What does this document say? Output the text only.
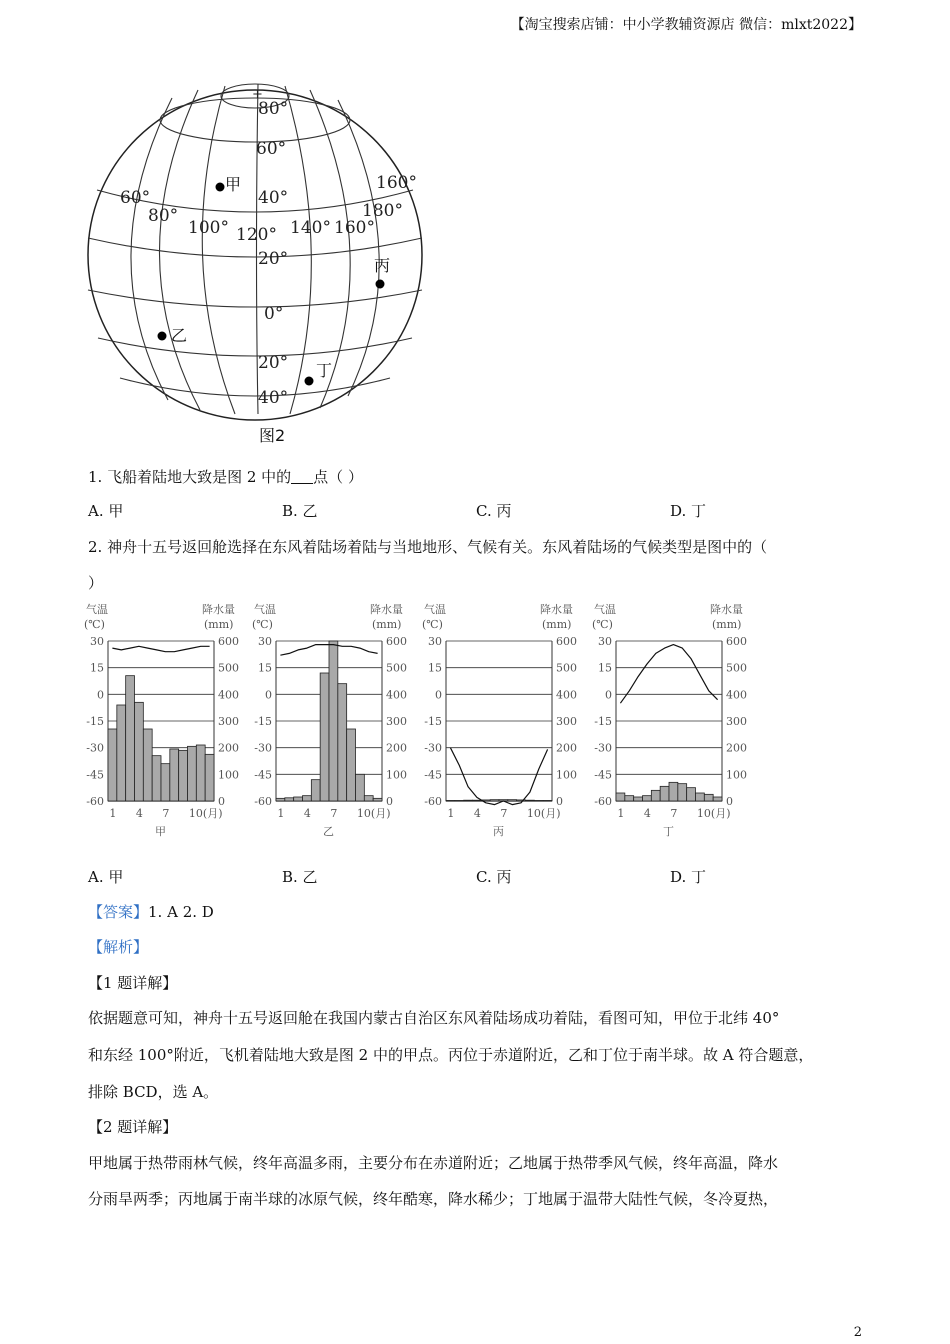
【淘宝搜索店铺：中小学教辅资源店 微信：mlxt2022】
+
80°
60°
40°
20°
0°
20°
40°
60°
80°
100° 120° 140° 160°
180°
160°
甲
乙
丙
丁
图2
1. 飞船着陆地大致是图 2 中的 点（ ）
A. 甲	B. 乙	C. 丙	D. 丁
2. 神舟十五号返回舱选择在东风着陆场着陆与当地地形、气候有关。东风着陆场的气候类型是图中的（
）
气温
(℃)
降水量
(mm)
30	600
15	500
0	400
-15	300
-30	200
-45	100
-60	0
1 4 7 10(月)
甲
气温
(℃)
降水量
(mm)
30	600
15	500
0	400
-15	300
-30	200
-45	100
-60	0
1 4 7 10(月)
乙
气温
(℃)
降水量
(mm)
30	600
15	500
0	400
-15	300
-30	200
-45	100
-60	0
1 4 7 10(月)
丙
气温
(℃)
降水量
(mm)
30	600
15	500
0	400
-15	300
-30	200
-45	100
-60	0
1 4 7 10(月)
丁
A. 甲	B. 乙	C. 丙	D. 丁
【答案】1. A 2. D
【解析】
【1 题详解】
依据题意可知，神舟十五号返回舱在我国内蒙古自治区东风着陆场成功着陆，看图可知，甲位于北纬 40°
和东经 100°附近，飞机着陆地大致是图 2 中的甲点。丙位于赤道附近，乙和丁位于南半球。故 A 符合题意，
排除 BCD，选 A。
【2 题详解】
甲地属于热带雨林气候，终年高温多雨，主要分布在赤道附近；乙地属于热带季风气候，终年高温，降水
分雨旱两季；丙地属于南半球的冰原气候，终年酷寒，降水稀少；丁地属于温带大陆性气候，冬冷夏热，
2
